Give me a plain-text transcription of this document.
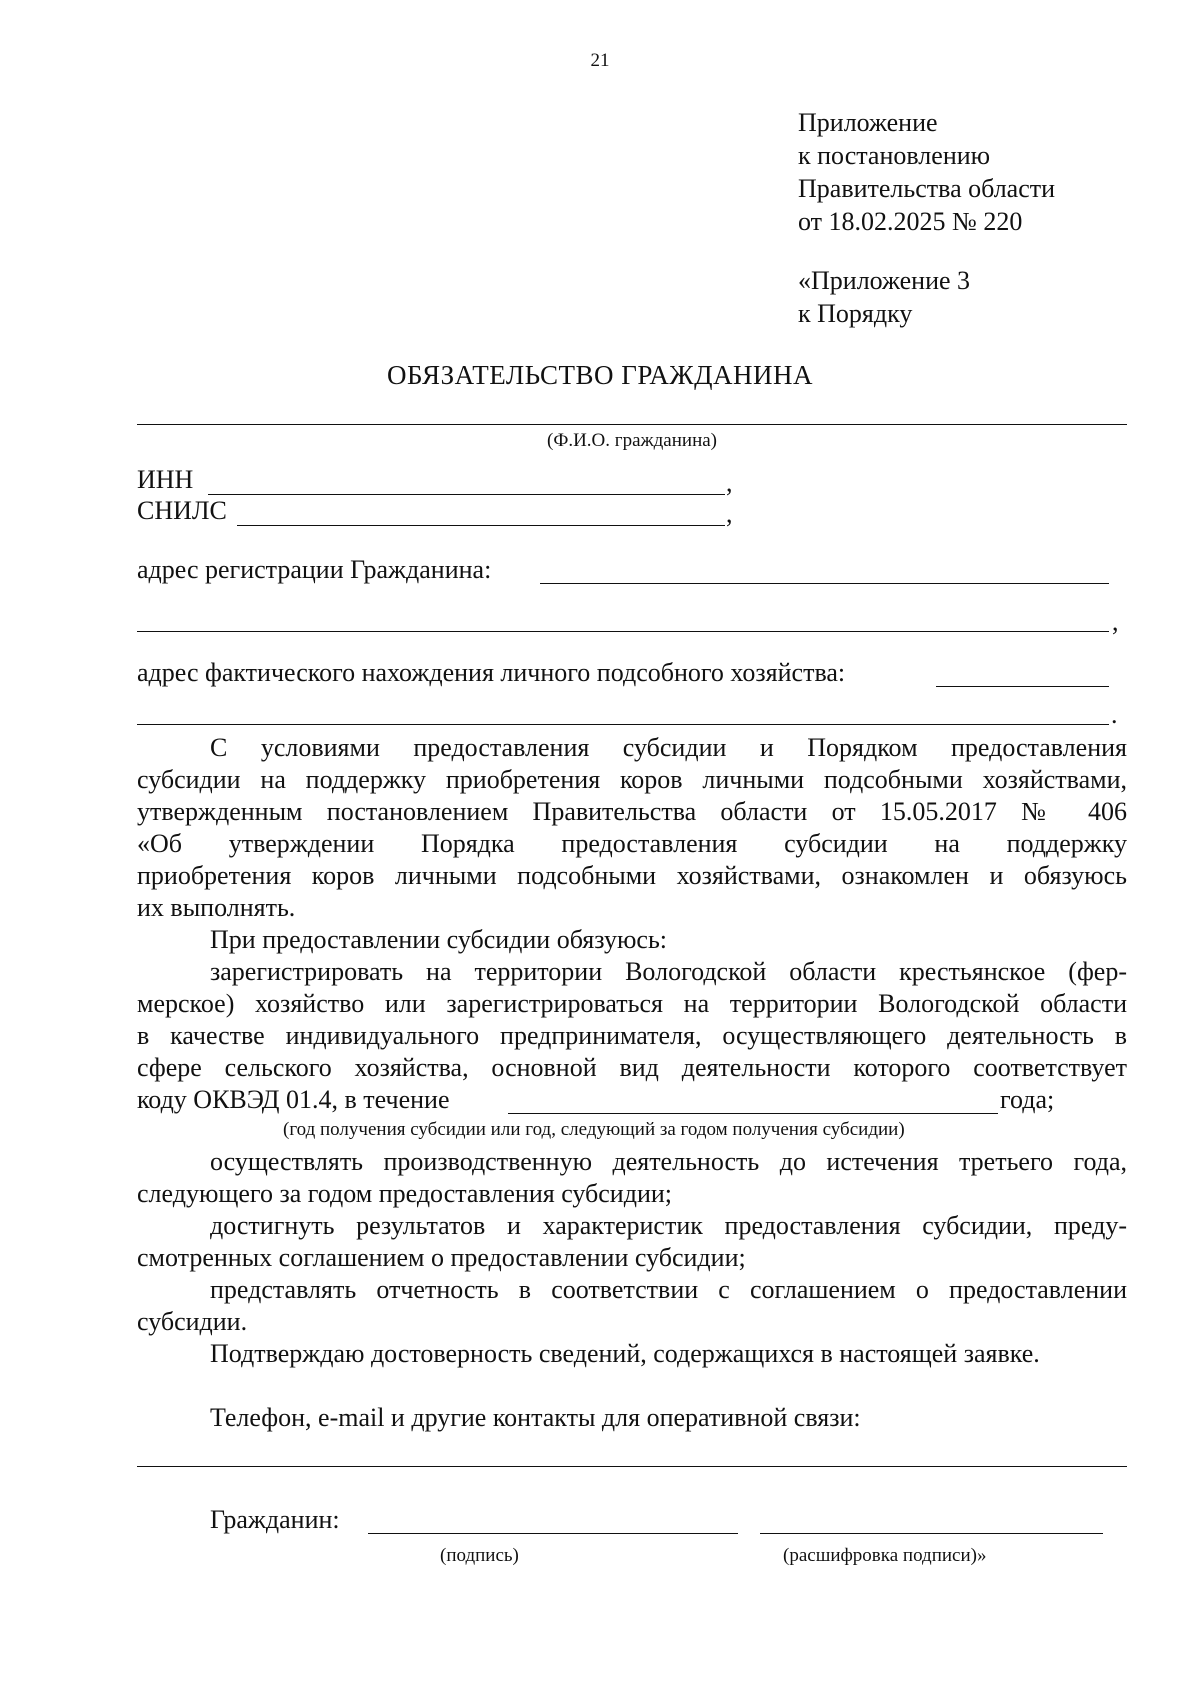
21
Приложение
к постановлению
Правительства области
от 18.02.2025 № 220
«Приложение 3
к Порядку
ОБЯЗАТЕЛЬСТВО ГРАЖДАНИНА
(Ф.И.О. гражданина)
ИНН	,
СНИЛС	,
адрес регистрации Гражданина:
,
адрес фактического нахождения личного подсобного хозяйства:
.
С условиями предоставления субсидии и Порядком предоставления
субсидии на поддержку приобретения коров личными подсобными хозяйствами,
утвержденным постановлением Правительства области от 15.05.2017 № 406
«Об утверждении Порядка предоставления субсидии на поддержку
приобретения коров личными подсобными хозяйствами, ознакомлен и обязуюсь
их выполнять.
При предоставлении субсидии обязуюсь:
зарегистрировать на территории Вологодской области крестьянское (фер-
мерское) хозяйство или зарегистрироваться на территории Вологодской области
в качестве индивидуального предпринимателя, осуществляющего деятельность в
сфере сельского хозяйства, основной вид деятельности которого соответствует
коду ОКВЭД 01.4, в течение	года;
(год получения субсидии или год, следующий за годом получения субсидии)
осуществлять производственную деятельность до истечения третьего года,
следующего за годом предоставления субсидии;
достигнуть результатов и характеристик предоставления субсидии, преду-
смотренных соглашением о предоставлении субсидии;
представлять отчетность в соответствии с соглашением о предоставлении
субсидии.
Подтверждаю достоверность сведений, содержащихся в настоящей заявке.
Телефон, e-mail и другие контакты для оперативной связи:
Гражданин:
(подпись)	(расшифровка подписи)»
